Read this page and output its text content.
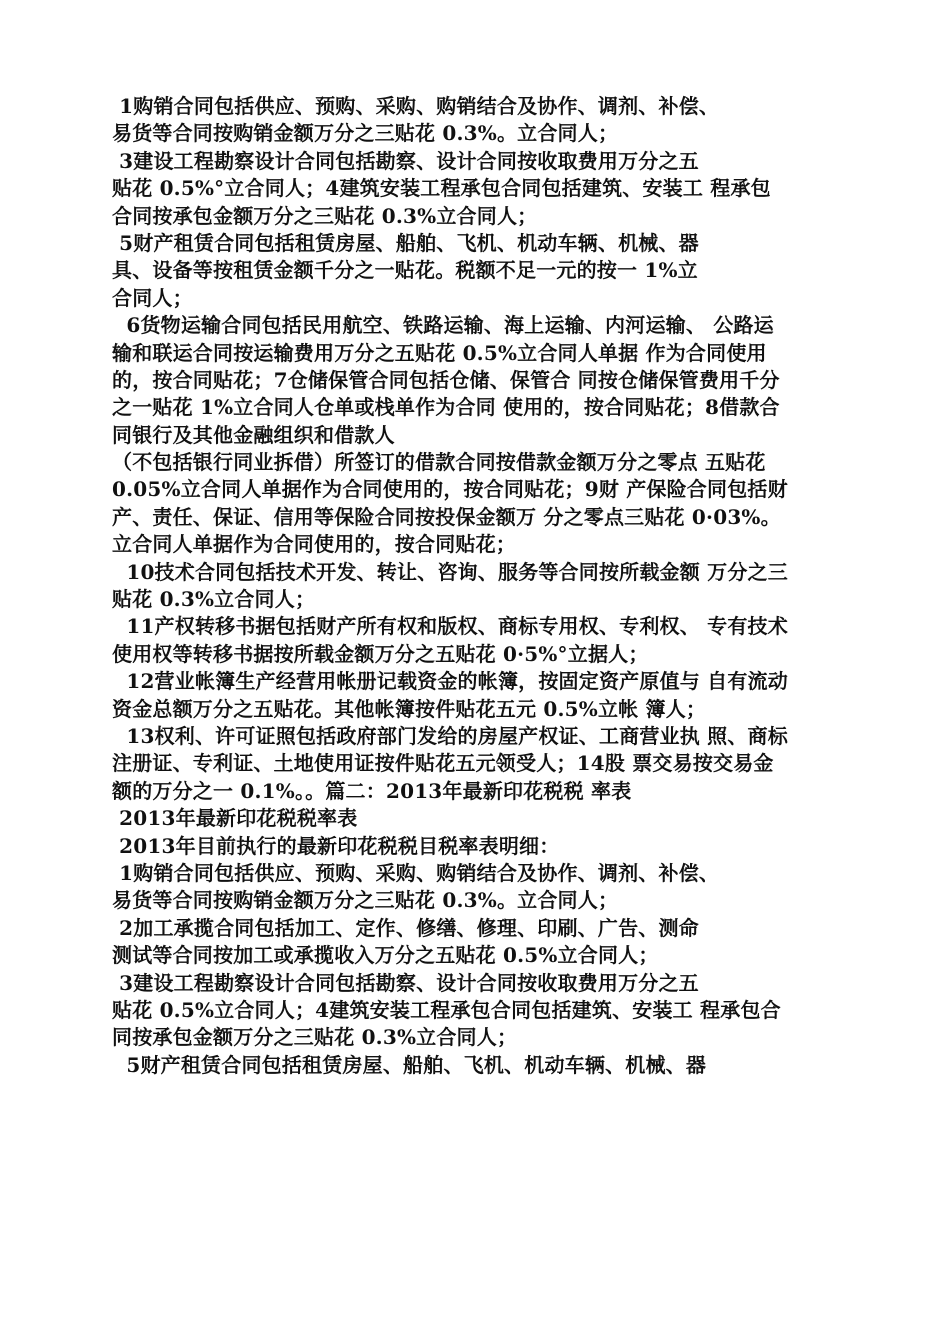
1购销合同包括供应、预购、采购、购销结合及协作、调剂、补偿、
易货等合同按购销金额万分之三贴花 0.3%。立合同人；
3建设工程勘察设计合同包括勘察、设计合同按收取费用万分之五
贴花 0.5%°立合同人；4建筑安装工程承包合同包括建筑、安装工 程承包
合同按承包金额万分之三贴花 0.3%立合同人；
5财产租赁合同包括租赁房屋、船舶、飞机、机动车辆、机械、器
具、设备等按租赁金额千分之一贴花。税额不足一元的按一 1%立
合同人；
6货物运输合同包括民用航空、铁路运输、海上运输、内河运输、 公路运
输和联运合同按运输费用万分之五贴花 0.5%立合同人单据 作为合同使用
的，按合同贴花；7仓储保管合同包括仓储、保管合 同按仓储保管费用千分
之一贴花 1%立合同人仓单或栈单作为合同 使用的，按合同贴花；8借款合
同银行及其他金融组织和借款人
（不包括银行同业拆借）所签订的借款合同按借款金额万分之零点 五贴花
0.05%立合同人单据作为合同使用的，按合同贴花；9财 产保险合同包括财
产、责任、保证、信用等保险合同按投保金额万 分之零点三贴花 0·03%。
立合同人单据作为合同使用的，按合同贴花；
10技术合同包括技术开发、转让、咨询、服务等合同按所载金额 万分之三
贴花 0.3%立合同人；
11产权转移书据包括财产所有权和版权、商标专用权、专利权、 专有技术
使用权等转移书据按所载金额万分之五贴花 0·5%°立据人；
12营业帐簿生产经营用帐册记载资金的帐簿，按固定资产原值与 自有流动
资金总额万分之五贴花。其他帐簿按件贴花五元 0.5%立帐 簿人；
13权利、许可证照包括政府部门发给的房屋产权证、工商营业执 照、商标
注册证、专利证、土地使用证按件贴花五元领受人；14股 票交易按交易金
额的万分之一 0.1%。。篇二：2013年最新印花税税 率表
2013年最新印花税税率表
2013年目前执行的最新印花税税目税率表明细：
1购销合同包括供应、预购、采购、购销结合及协作、调剂、补偿、
易货等合同按购销金额万分之三贴花 0.3%。立合同人；
2加工承揽合同包括加工、定作、修缮、修理、印刷、广告、测命
测试等合同按加工或承揽收入万分之五贴花 0.5%立合同人；
3建设工程勘察设计合同包括勘察、设计合同按收取费用万分之五
贴花 0.5%立合同人；4建筑安装工程承包合同包括建筑、安装工 程承包合
同按承包金额万分之三贴花 0.3%立合同人；
5财产租赁合同包括租赁房屋、船舶、飞机、机动车辆、机械、器
